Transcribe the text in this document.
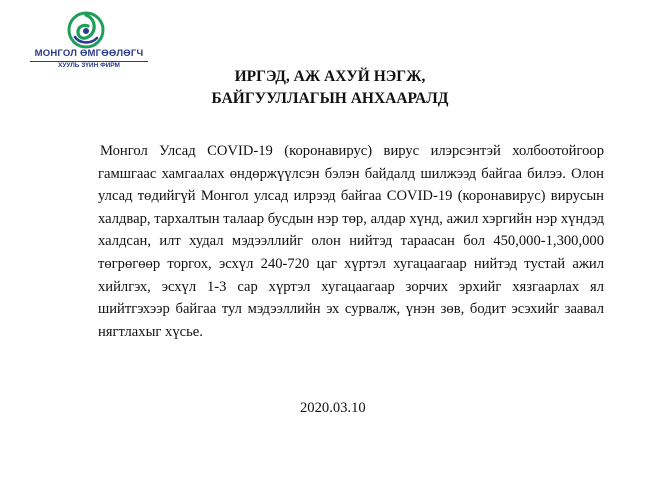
МОНГОЛ ӨМГӨӨЛӨГЧ
ХУУЛЬ ЗҮЙН ФИРМ
ИРГЭД, АЖ АХУЙ НЭГЖ,
БАЙГУУЛЛАГЫН АНХААРАЛД
Монгол Улсад COVID-19 (коронавирус) вирус илэрсэнтэй холбоотойгоор гамшгаас хамгаалах өндөржүүлсэн бэлэн байдалд шилжээд байгаа билээ. Олон улсад төдийгүй Монгол улсад илрээд байгаа COVID-19 (коронавирус) вирусын халдвар, тархалтын талаар бусдын нэр төр, алдар хүнд, ажил хэргийн нэр хүндэд халдсан, илт худал мэдээллийг олон нийтэд тараасан бол 450,000-1,300,000 төгрөгөөр торгох, эсхүл 240-720 цаг хүртэл хугацаагаар нийтэд тустай ажил хийлгэх, эсхүл 1-3 сар хүртэл хугацаагаар зорчих эрхийг хязгаарлах ял шийтгэхээр байгаа тул мэдээллийн эх сурвалж, үнэн зөв, бодит эсэхийг заавал нягтлахыг хүсье.
2020.03.10
